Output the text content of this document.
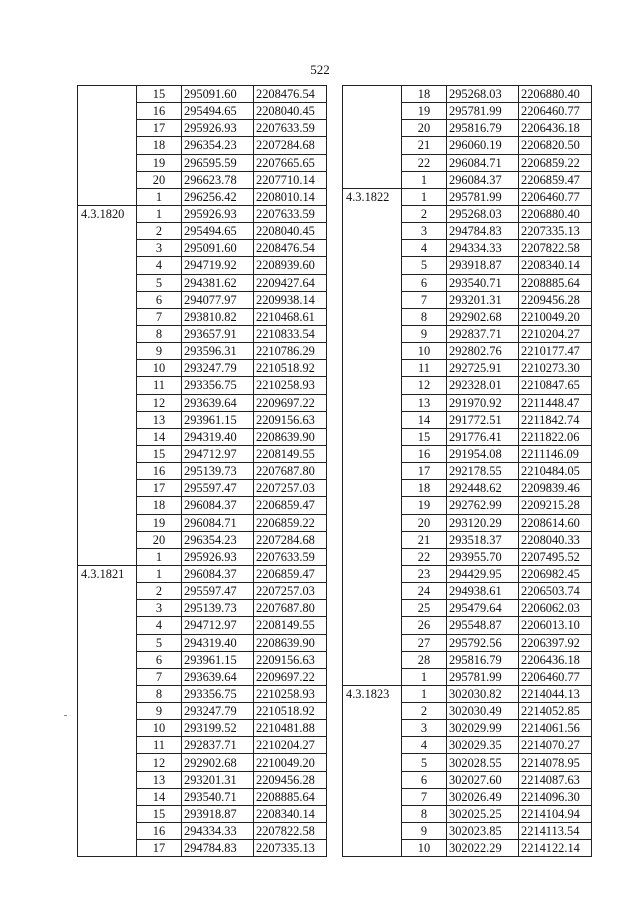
522
	15	295091.60	2208476.54
	16	295494.65	2208040.45
	17	295926.93	2207633.59
	18	296354.23	2207284.68
	19	296595.59	2207665.65
	20	296623.78	2207710.14
	1	296256.42	2208010.14
4.3.1820	1	295926.93	2207633.59
	2	295494.65	2208040.45
	3	295091.60	2208476.54
	4	294719.92	2208939.60
	5	294381.62	2209427.64
	6	294077.97	2209938.14
	7	293810.82	2210468.61
	8	293657.91	2210833.54
	9	293596.31	2210786.29
	10	293247.79	2210518.92
	11	293356.75	2210258.93
	12	293639.64	2209697.22
	13	293961.15	2209156.63
	14	294319.40	2208639.90
	15	294712.97	2208149.55
	16	295139.73	2207687.80
	17	295597.47	2207257.03
	18	296084.37	2206859.47
	19	296084.71	2206859.22
	20	296354.23	2207284.68
	1	295926.93	2207633.59
4.3.1821	1	296084.37	2206859.47
	2	295597.47	2207257.03
	3	295139.73	2207687.80
	4	294712.97	2208149.55
	5	294319.40	2208639.90
	6	293961.15	2209156.63
	7	293639.64	2209697.22
	8	293356.75	2210258.93
	9	293247.79	2210518.92
	10	293199.52	2210481.88
	11	292837.71	2210204.27
	12	292902.68	2210049.20
	13	293201.31	2209456.28
	14	293540.71	2208885.64
	15	293918.87	2208340.14
	16	294334.33	2207822.58
	17	294784.83	2207335.13
	18	295268.03	2206880.40
	19	295781.99	2206460.77
	20	295816.79	2206436.18
	21	296060.19	2206820.50
	22	296084.71	2206859.22
	1	296084.37	2206859.47
4.3.1822	1	295781.99	2206460.77
	2	295268.03	2206880.40
	3	294784.83	2207335.13
	4	294334.33	2207822.58
	5	293918.87	2208340.14
	6	293540.71	2208885.64
	7	293201.31	2209456.28
	8	292902.68	2210049.20
	9	292837.71	2210204.27
	10	292802.76	2210177.47
	11	292725.91	2210273.30
	12	292328.01	2210847.65
	13	291970.92	2211448.47
	14	291772.51	2211842.74
	15	291776.41	2211822.06
	16	291954.08	2211146.09
	17	292178.55	2210484.05
	18	292448.62	2209839.46
	19	292762.99	2209215.28
	20	293120.29	2208614.60
	21	293518.37	2208040.33
	22	293955.70	2207495.52
	23	294429.95	2206982.45
	24	294938.61	2206503.74
	25	295479.64	2206062.03
	26	295548.87	2206013.10
	27	295792.56	2206397.92
	28	295816.79	2206436.18
	1	295781.99	2206460.77
4.3.1823	1	302030.82	2214044.13
	2	302030.49	2214052.85
	3	302029.99	2214061.56
	4	302029.35	2214070.27
	5	302028.55	2214078.95
	6	302027.60	2214087.63
	7	302026.49	2214096.30
	8	302025.25	2214104.94
	9	302023.85	2214113.54
	10	302022.29	2214122.14
